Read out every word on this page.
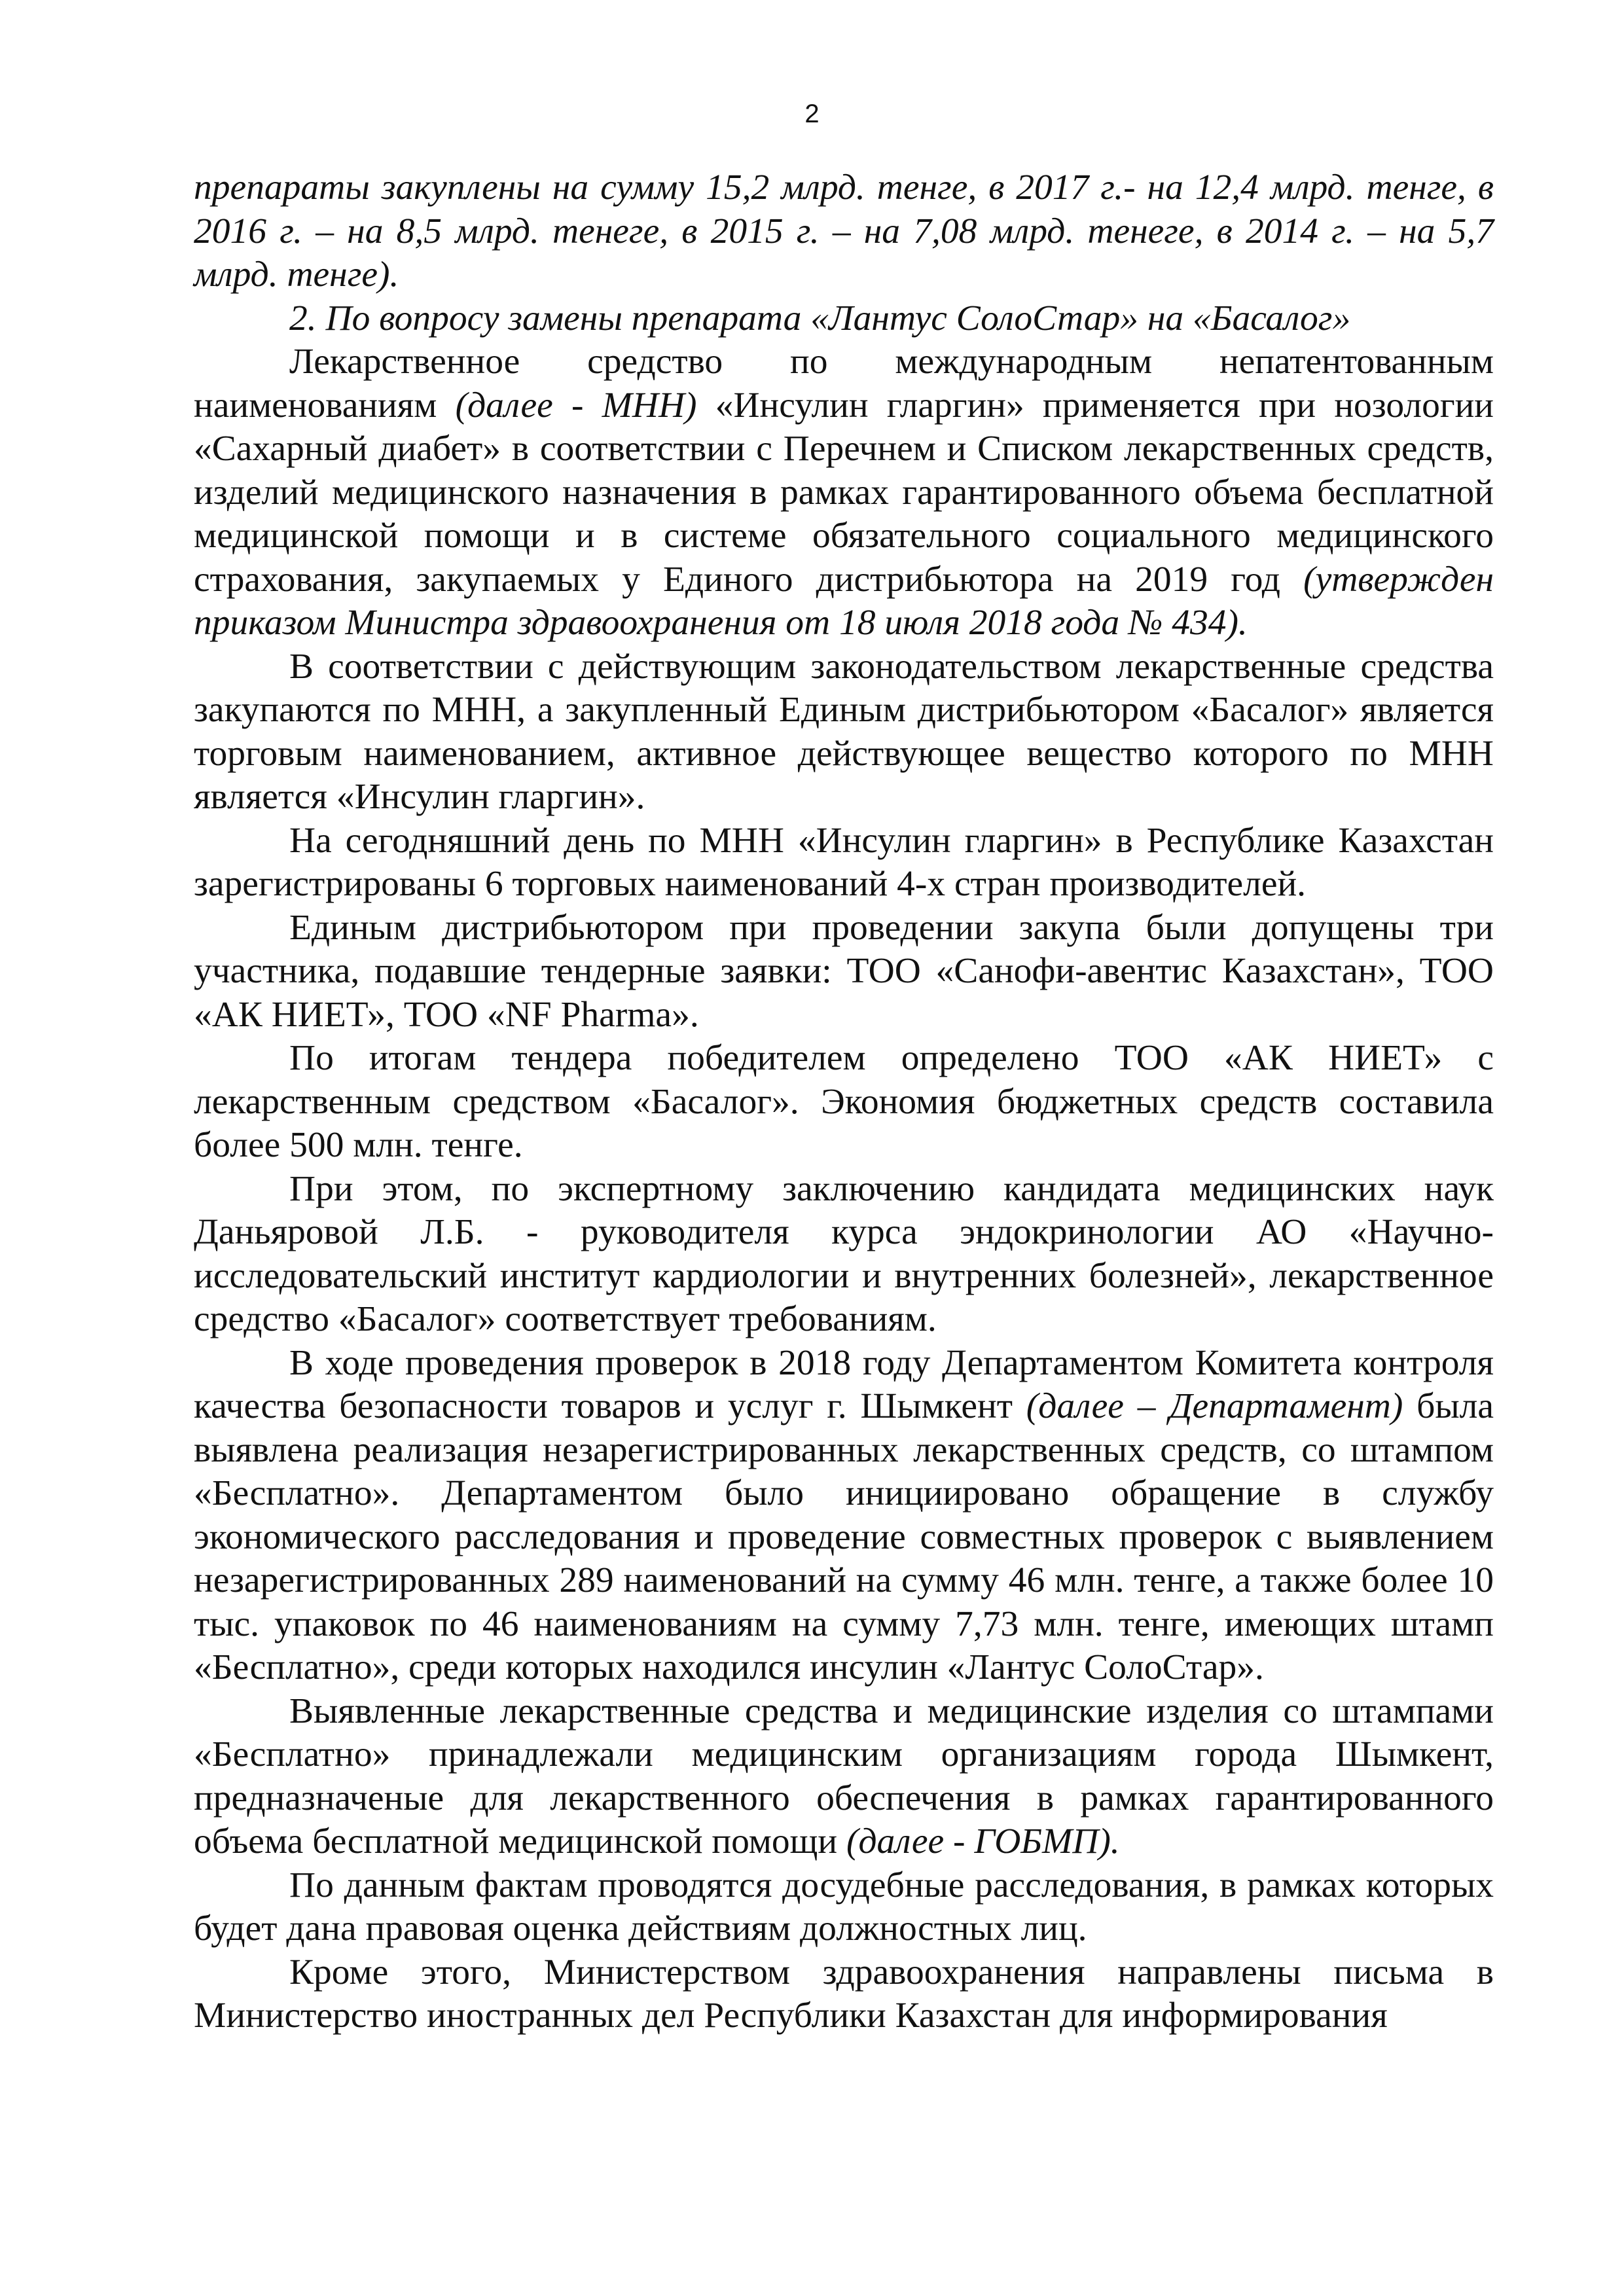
2

препараты закуплены на сумму 15,2 млрд. тенге, в 2017 г.- на 12,4 млрд. тенге, в 2016 г. – на 8,5 млрд. тенеге, в 2015 г. – на 7,08 млрд. тенеге, в 2014 г. – на 5,7 млрд. тенге).

2. По вопросу замены препарата «Лантус СолоСтар» на «Басалог»

Лекарственное средство по международным непатентованным наименованиям (далее - МНН) «Инсулин гларгин» применяется при нозологии «Сахарный диабет» в соответствии с Перечнем и Списком лекарственных средств, изделий медицинского назначения в рамках гарантированного объема бесплатной медицинской помощи и в системе обязательного социального медицинского страхования, закупаемых у Единого дистрибьютора на 2019 год (утвержден приказом Министра здравоохранения от 18 июля 2018 года № 434).

В соответствии с действующим законодательством лекарственные средства закупаются по МНН, а закупленный Единым дистрибьютором «Басалог» является торговым наименованием, активное действующее вещество которого по МНН является «Инсулин гларгин».

На сегодняшний день по МНН «Инсулин гларгин» в Республике Казахстан зарегистрированы 6 торговых наименований 4-х стран производителей.

Единым дистрибьютором при проведении закупа были допущены три участника, подавшие тендерные заявки: ТОО «Санофи-авентис Казахстан», ТОО «АК НИЕТ», ТОО «NF Pharma».

По итогам тендера победителем определено ТОО «АК НИЕТ» с лекарственным средством «Басалог». Экономия бюджетных средств составила более 500 млн. тенге.

При этом, по экспертному заключению кандидата медицинских наук Даньяровой Л.Б. - руководителя курса эндокринологии АО «Научно-исследовательский институт кардиологии и внутренних болезней», лекарственное средство «Басалог» соответствует требованиям.

В ходе проведения проверок в 2018 году Департаментом Комитета контроля качества безопасности товаров и услуг г. Шымкент (далее – Департамент) была выявлена реализация незарегистрированных лекарственных средств, со штампом «Бесплатно». Департаментом было инициировано обращение в службу экономического расследования и проведение совместных проверок с выявлением незарегистрированных 289 наименований на сумму 46 млн. тенге, а также более 10 тыс. упаковок по 46 наименованиям на сумму 7,73 млн. тенге, имеющих штамп «Бесплатно», среди которых находился инсулин «Лантус СолоСтар».

Выявленные лекарственные средства и медицинские изделия со штампами «Бесплатно» принадлежали медицинским организациям города Шымкент, предназначеные для лекарственного обеспечения в рамках гарантированного объема бесплатной медицинской помощи (далее - ГОБМП).

По данным фактам проводятся досудебные расследования, в рамках которых будет дана правовая оценка действиям должностных лиц.

Кроме этого, Министерством здравоохранения направлены письма в Министерство иностранных дел Республики Казахстан для информирования
